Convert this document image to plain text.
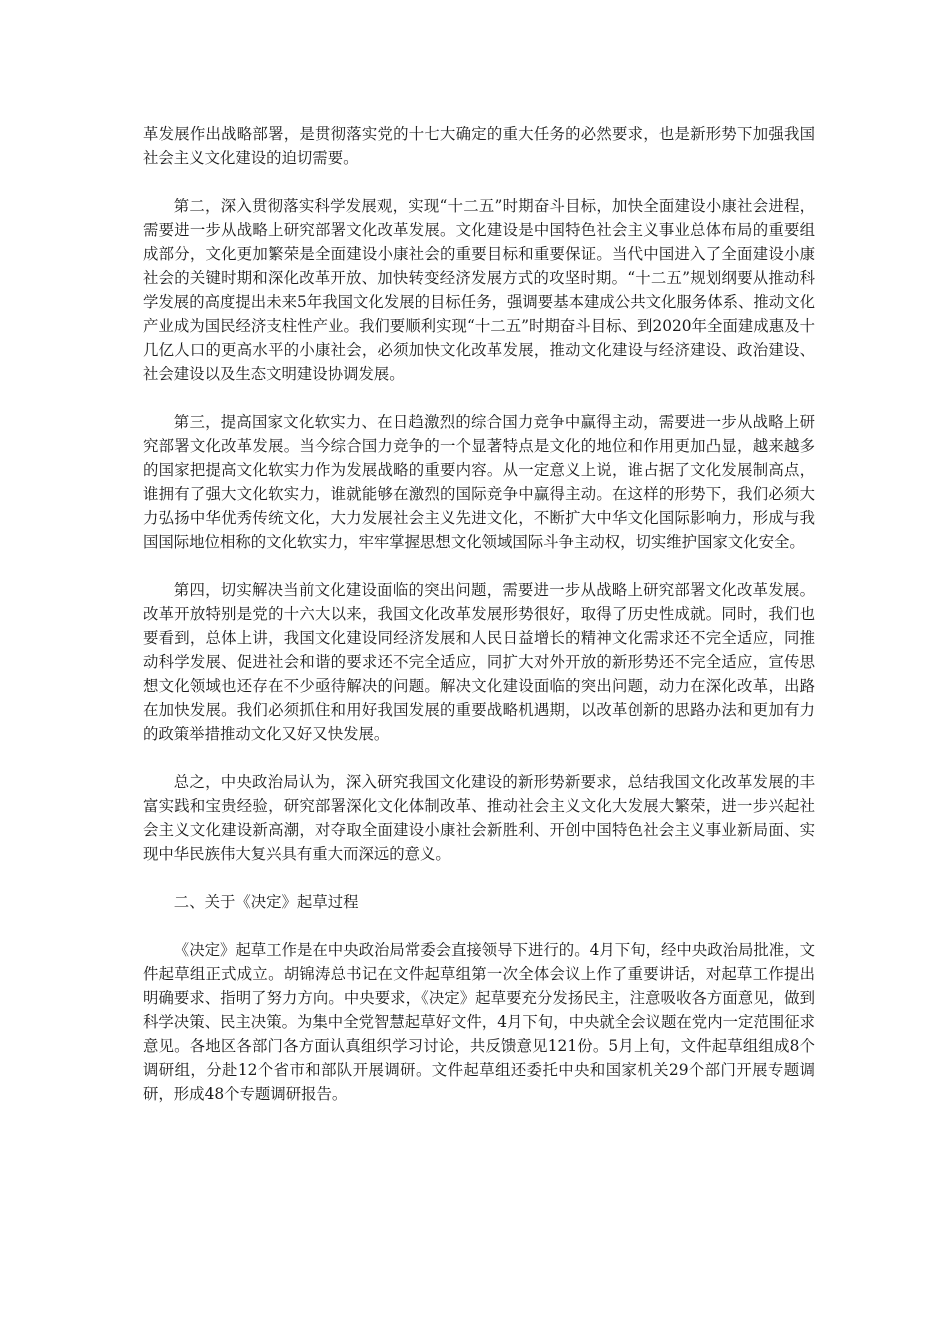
革发展作出战略部署，是贯彻落实党的十七大确定的重大任务的必然要求，也是新形势下加强我国社会主义文化建设的迫切需要。

第二，深入贯彻落实科学发展观，实现“十二五”时期奋斗目标，加快全面建设小康社会进程，需要进一步从战略上研究部署文化改革发展。文化建设是中国特色社会主义事业总体布局的重要组成部分，文化更加繁荣是全面建设小康社会的重要目标和重要保证。当代中国进入了全面建设小康社会的关键时期和深化改革开放、加快转变经济发展方式的攻坚时期。“十二五”规划纲要从推动科学发展的高度提出未来5年我国文化发展的目标任务，强调要基本建成公共文化服务体系、推动文化产业成为国民经济支柱性产业。我们要顺利实现“十二五”时期奋斗目标、到2020年全面建成惠及十几亿人口的更高水平的小康社会，必须加快文化改革发展，推动文化建设与经济建设、政治建设、社会建设以及生态文明建设协调发展。

第三，提高国家文化软实力、在日趋激烈的综合国力竞争中赢得主动，需要进一步从战略上研究部署文化改革发展。当今综合国力竞争的一个显著特点是文化的地位和作用更加凸显，越来越多的国家把提高文化软实力作为发展战略的重要内容。从一定意义上说，谁占据了文化发展制高点，谁拥有了强大文化软实力，谁就能够在激烈的国际竞争中赢得主动。在这样的形势下，我们必须大力弘扬中华优秀传统文化，大力发展社会主义先进文化，不断扩大中华文化国际影响力，形成与我国国际地位相称的文化软实力，牢牢掌握思想文化领域国际斗争主动权，切实维护国家文化安全。

第四，切实解决当前文化建设面临的突出问题，需要进一步从战略上研究部署文化改革发展。改革开放特别是党的十六大以来，我国文化改革发展形势很好，取得了历史性成就。同时，我们也要看到，总体上讲，我国文化建设同经济发展和人民日益增长的精神文化需求还不完全适应，同推动科学发展、促进社会和谐的要求还不完全适应，同扩大对外开放的新形势还不完全适应，宣传思想文化领域也还存在不少亟待解决的问题。解决文化建设面临的突出问题，动力在深化改革，出路在加快发展。我们必须抓住和用好我国发展的重要战略机遇期，以改革创新的思路办法和更加有力的政策举措推动文化又好又快发展。

总之，中央政治局认为，深入研究我国文化建设的新形势新要求，总结我国文化改革发展的丰富实践和宝贵经验，研究部署深化文化体制改革、推动社会主义文化大发展大繁荣，进一步兴起社会主义文化建设新高潮，对夺取全面建设小康社会新胜利、开创中国特色社会主义事业新局面、实现中华民族伟大复兴具有重大而深远的意义。

二、关于《决定》起草过程

《决定》起草工作是在中央政治局常委会直接领导下进行的。4月下旬，经中央政治局批准，文件起草组正式成立。胡锦涛总书记在文件起草组第一次全体会议上作了重要讲话，对起草工作提出明确要求、指明了努力方向。中央要求，《决定》起草要充分发扬民主，注意吸收各方面意见，做到科学决策、民主决策。为集中全党智慧起草好文件，4月下旬，中央就全会议题在党内一定范围征求意见。各地区各部门各方面认真组织学习讨论，共反馈意见121份。5月上旬，文件起草组组成8个调研组，分赴12个省市和部队开展调研。文件起草组还委托中央和国家机关29个部门开展专题调研，形成48个专题调研报告。
